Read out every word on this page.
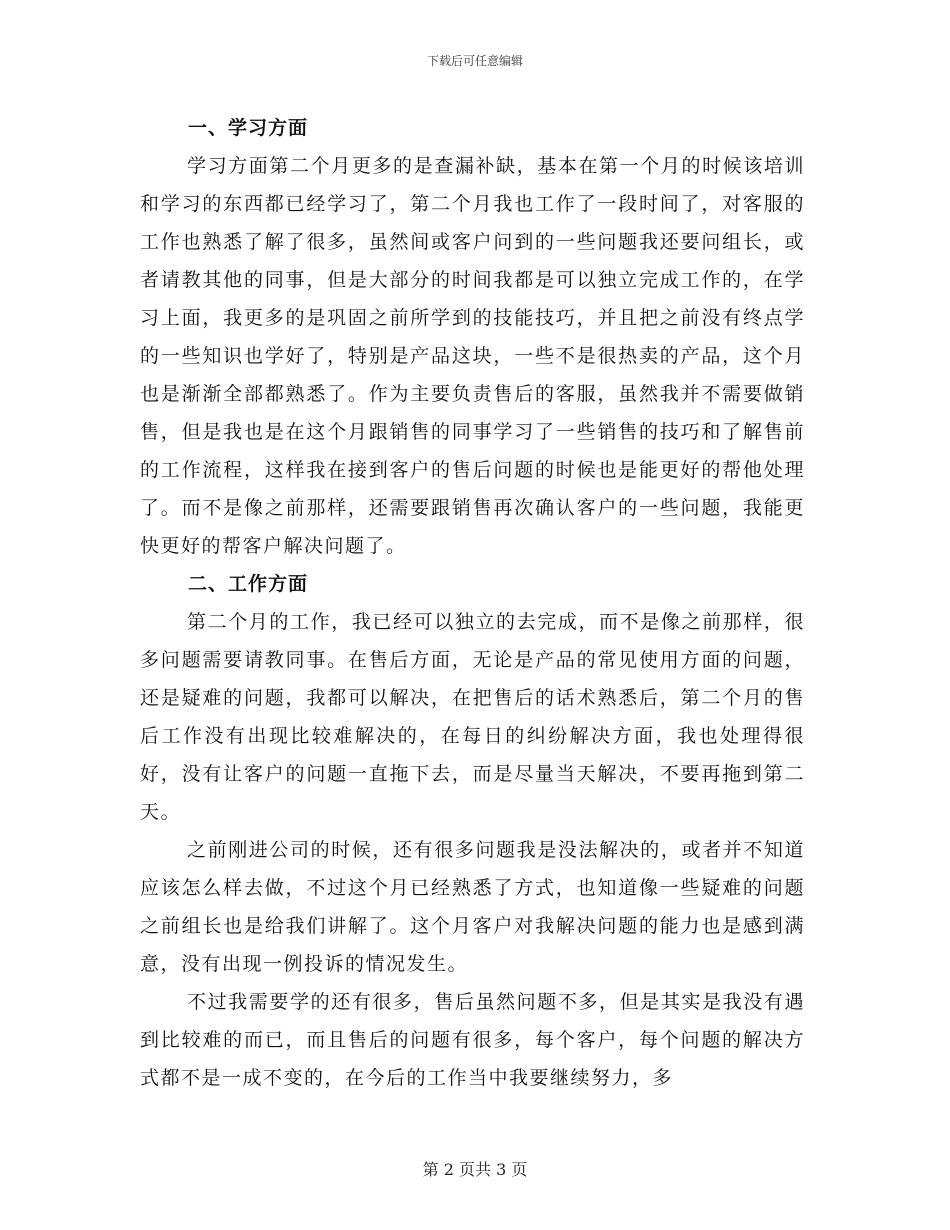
下载后可任意编辑
一、学习方面

学习方面第二个月更多的是查漏补缺，基本在第一个月的时候该培训和学习的东西都已经学习了，第二个月我也工作了一段时间了，对客服的工作也熟悉了解了很多，虽然间或客户问到的一些问题我还要问组长，或者请教其他的同事，但是大部分的时间我都是可以独立完成工作的，在学习上面，我更多的是巩固之前所学到的技能技巧，并且把之前没有终点学的一些知识也学好了，特别是产品这块，一些不是很热卖的产品，这个月也是渐渐全部都熟悉了。作为主要负责售后的客服，虽然我并不需要做销售，但是我也是在这个月跟销售的同事学习了一些销售的技巧和了解售前的工作流程，这样我在接到客户的售后问题的时候也是能更好的帮他处理了。而不是像之前那样，还需要跟销售再次确认客户的一些问题，我能更快更好的帮客户解决问题了。

二、工作方面

第二个月的工作，我已经可以独立的去完成，而不是像之前那样，很多问题需要请教同事。在售后方面，无论是产品的常见使用方面的问题，还是疑难的问题，我都可以解决，在把售后的话术熟悉后，第二个月的售后工作没有出现比较难解决的，在每日的纠纷解决方面，我也处理得很好，没有让客户的问题一直拖下去，而是尽量当天解决，不要再拖到第二天。

之前刚进公司的时候，还有很多问题我是没法解决的，或者并不知道应该怎么样去做，不过这个月已经熟悉了方式，也知道像一些疑难的问题之前组长也是给我们讲解了。这个月客户对我解决问题的能力也是感到满意，没有出现一例投诉的情况发生。

不过我需要学的还有很多，售后虽然问题不多，但是其实是我没有遇到比较难的而已，而且售后的问题有很多，每个客户，每个问题的解决方式都不是一成不变的，在今后的工作当中我要继续努力，多

第 2 页共 3 页
